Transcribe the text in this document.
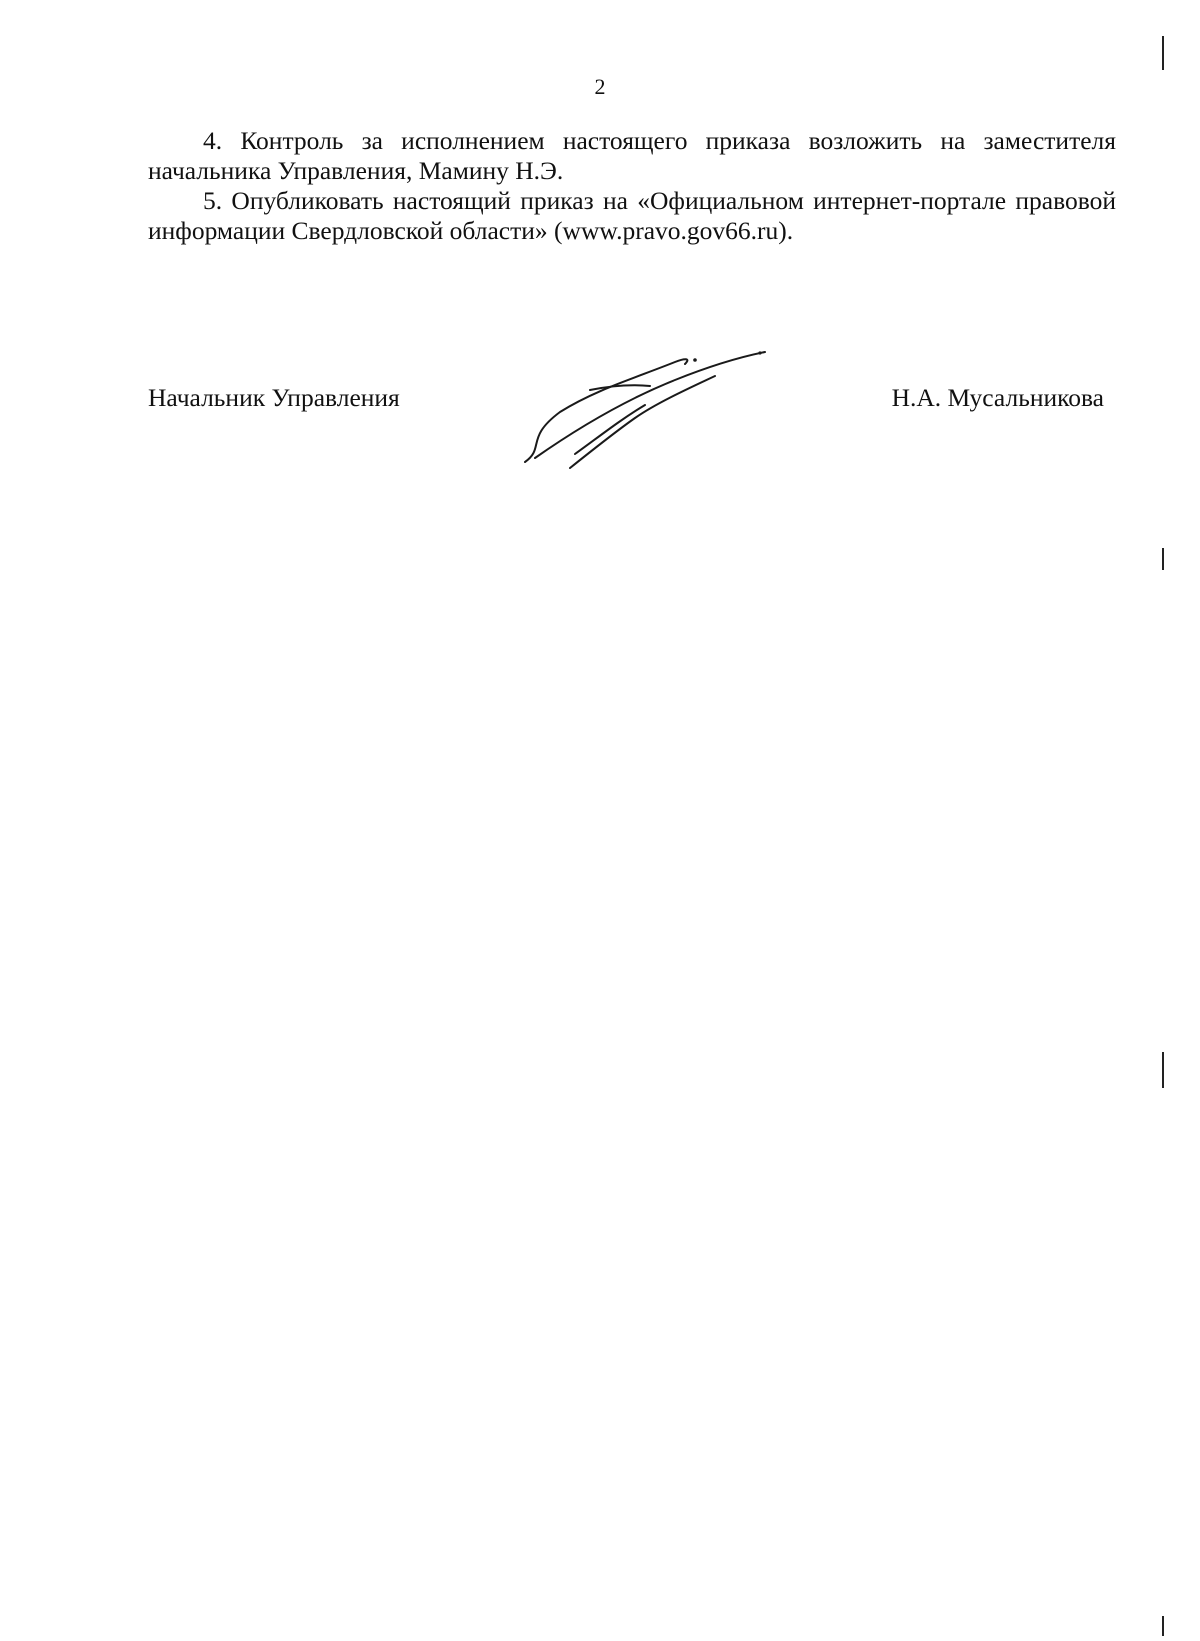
2

4. Контроль за исполнением настоящего приказа возложить на заместителя начальника Управления, Мамину Н.Э.

5. Опубликовать настоящий приказ на «Официальном интернет-портале правовой информации Свердловской области» (www.pravo.gov66.ru).

Начальник Управления	Н.А. Мусальникова
